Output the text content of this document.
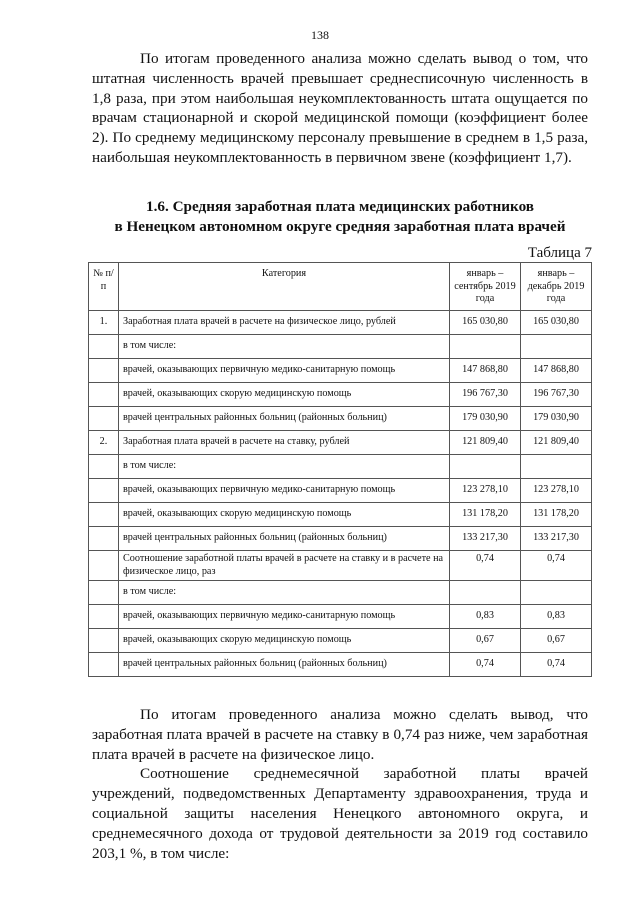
138

По итогам проведенного анализа можно сделать вывод о том, что штатная численность врачей превышает среднесписочную численность в 1,8 раза, при этом наибольшая неукомплектованность штата ощущается по врачам стационарной и скорой медицинской помощи (коэффициент более 2). По среднему медицинскому персоналу превышение в среднем в 1,5 раза, наибольшая неукомплектованность в первичном звене (коэффициент 1,7).

1.6. Средняя заработная плата медицинских работников
в Ненецком автономном округе средняя заработная плата врачей
Таблица 7
№ п/п	Категория	январь – сентябрь 2019 года	январь – декабрь 2019 года
1.	Заработная плата врачей в расчете на физическое лицо, рублей	165 030,80	165 030,80
	в том числе:		
	врачей, оказывающих первичную медико-санитарную помощь	147 868,80	147 868,80
	врачей, оказывающих скорую медицинскую помощь	196 767,30	196 767,30
	врачей центральных районных больниц (районных больниц)	179 030,90	179 030,90
2.	Заработная плата врачей в расчете на ставку, рублей	121 809,40	121 809,40
	в том числе:		
	врачей, оказывающих первичную медико-санитарную помощь	123 278,10	123 278,10
	врачей, оказывающих скорую медицинскую помощь	131 178,20	131 178,20
	врачей центральных районных больниц (районных больниц)	133 217,30	133 217,30
	Соотношение заработной платы врачей в расчете на ставку и в расчете на физическое лицо, раз	0,74	0,74
	в том числе:		
	врачей, оказывающих первичную медико-санитарную помощь	0,83	0,83
	врачей, оказывающих скорую медицинскую помощь	0,67	0,67
	врачей центральных районных больниц (районных больниц)	0,74	0,74

По итогам проведенного анализа можно сделать вывод, что заработная плата врачей в расчете на ставку в 0,74 раз ниже, чем заработная плата врачей в расчете на физическое лицо.

Соотношение среднемесячной заработной платы врачей учреждений, подведомственных Департаменту здравоохранения, труда и социальной защиты населения Ненецкого автономного округа, и среднемесячного дохода от трудовой деятельности за 2019 год составило 203,1 %, в том числе:
